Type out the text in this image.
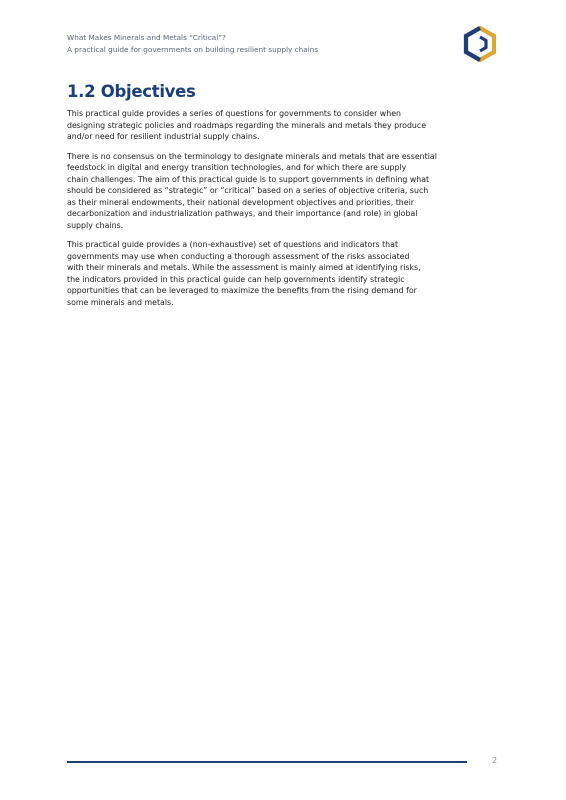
What Makes Minerals and Metals “Critical”?
A practical guide for governments on building resilient supply chains
1.2 Objectives

This practical guide provides a series of questions for governments to consider when
designing strategic policies and roadmaps regarding the minerals and metals they produce
and/or need for resilient industrial supply chains.

There is no consensus on the terminology to designate minerals and metals that are essential
feedstock in digital and energy transition technologies, and for which there are supply
chain challenges. The aim of this practical guide is to support governments in defining what
should be considered as “strategic” or “critical” based on a series of objective criteria, such
as their mineral endowments, their national development objectives and priorities, their
decarbonization and industrialization pathways, and their importance (and role) in global
supply chains.

This practical guide provides a (non-exhaustive) set of questions and indicators that
governments may use when conducting a thorough assessment of the risks associated
with their minerals and metals. While the assessment is mainly aimed at identifying risks,
the indicators provided in this practical guide can help governments identify strategic
opportunities that can be leveraged to maximize the benefits from the rising demand for
some minerals and metals.

2
